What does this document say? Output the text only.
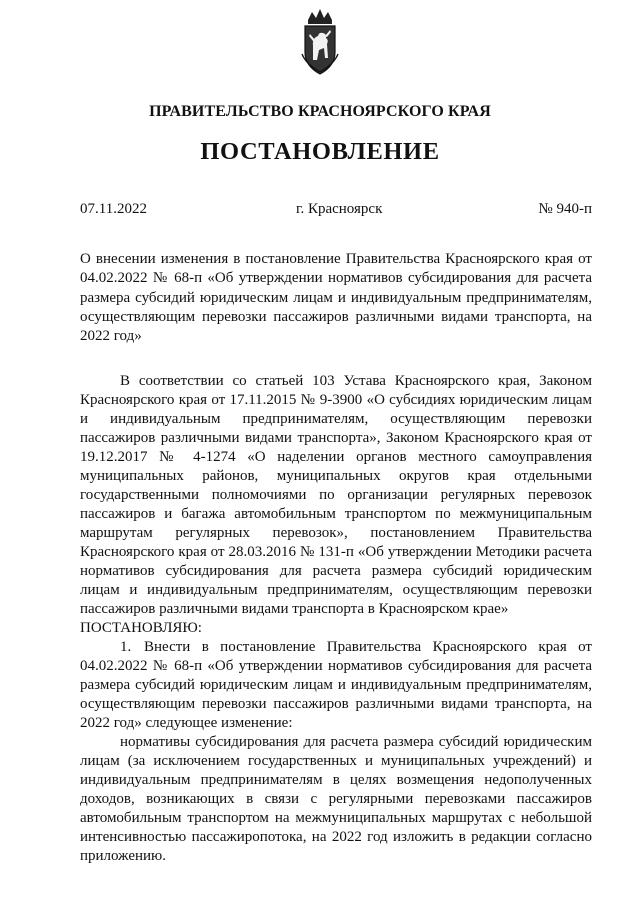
ПРАВИТЕЛЬСТВО КРАСНОЯРСКОГО КРАЯ
ПОСТАНОВЛЕНИЕ
07.11.2022	г. Красноярск	№ 940-п

О внесении изменения в постановление Правительства Красноярского края от 04.02.2022 № 68-п «Об утверждении нормативов субсидирования для расчета размера субсидий юридическим лицам и индивидуальным предпринимателям, осуществляющим перевозки пассажиров различными видами транспорта, на 2022 год»

В соответствии со статьей 103 Устава Красноярского края, Законом Красноярского края от 17.11.2015 № 9-3900 «О субсидиях юридическим лицам и индивидуальным предпринимателям, осуществляющим перевозки пассажиров различными видами транспорта», Законом Красноярского края от 19.12.2017 № 4-1274 «О наделении органов местного самоуправления муниципальных районов, муниципальных округов края отдельными государственными полномочиями по организации регулярных перевозок пассажиров и багажа автомобильным транспортом по межмуниципальным маршрутам регулярных перевозок», постановлением Правительства Красноярского края от 28.03.2016 № 131-п «Об утверждении Методики расчета нормативов субсидирования для расчета размера субсидий юридическим лицам и индивидуальным предпринимателям, осуществляющим перевозки пассажиров различными видами транспорта в Красноярском крае»

ПОСТАНОВЛЯЮ:

1. Внести в постановление Правительства Красноярского края от 04.02.2022 № 68-п «Об утверждении нормативов субсидирования для расчета размера субсидий юридическим лицам и индивидуальным предпринимателям, осуществляющим перевозки пассажиров различными видами транспорта, на 2022 год» следующее изменение:

нормативы субсидирования для расчета размера субсидий юридическим лицам (за исключением государственных и муниципальных учреждений) и индивидуальным предпринимателям в целях возмещения недополученных доходов, возникающих в связи с регулярными перевозками пассажиров автомобильным транспортом на межмуниципальных маршрутах с небольшой интенсивностью пассажиропотока, на 2022 год изложить в редакции согласно приложению.
